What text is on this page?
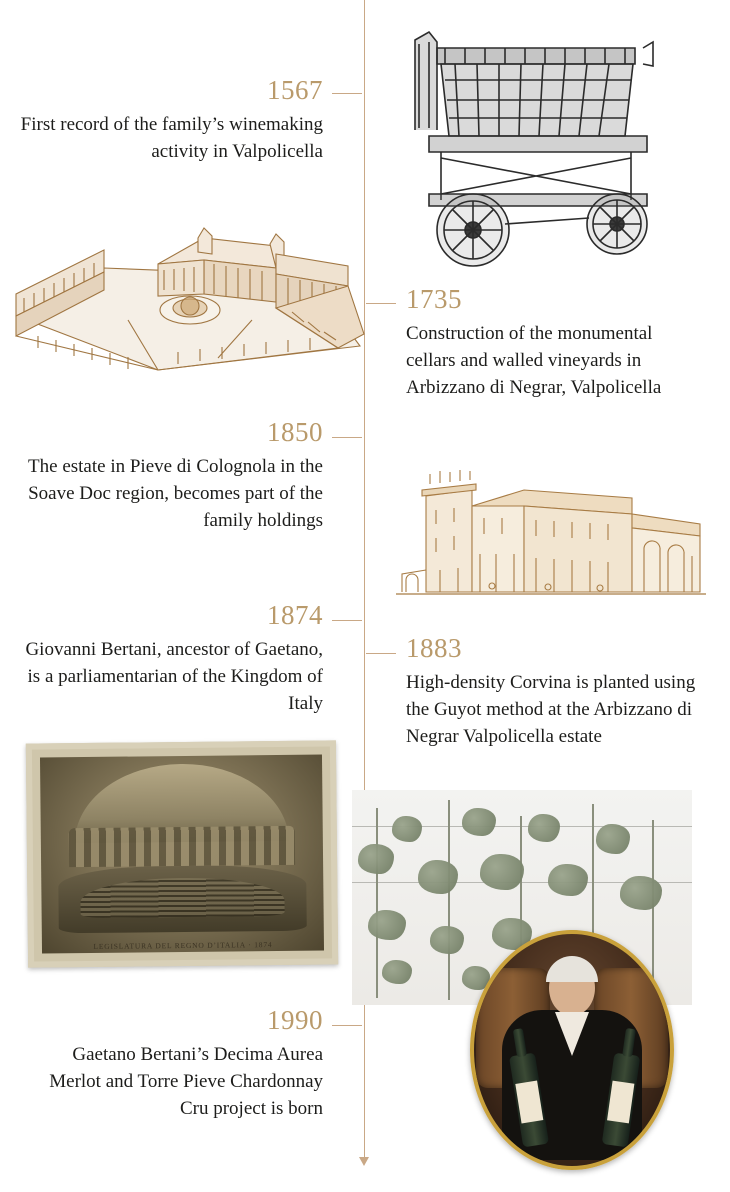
1567
First record of the family’s winemaking activity in Valpolicella
1735
Construction of the monumental cellars and walled vineyards in Arbizzano di Negrar, Valpolicella
1850
The estate in Pieve di Colognola in the Soave Doc region, becomes part of the family holdings
1874
Giovanni Bertani, ancestor of Gaetano, is a parliamentarian of the Kingdom of Italy
1883
High-density Corvina is planted using the Guyot method at the Arbizzano di Negrar Valpolicella estate
LEGISLATURA DEL REGNO D’ITALIA · 1874
1990
Gaetano Bertani’s Decima Aurea Merlot and Torre Pieve Chardonnay Cru project is born
